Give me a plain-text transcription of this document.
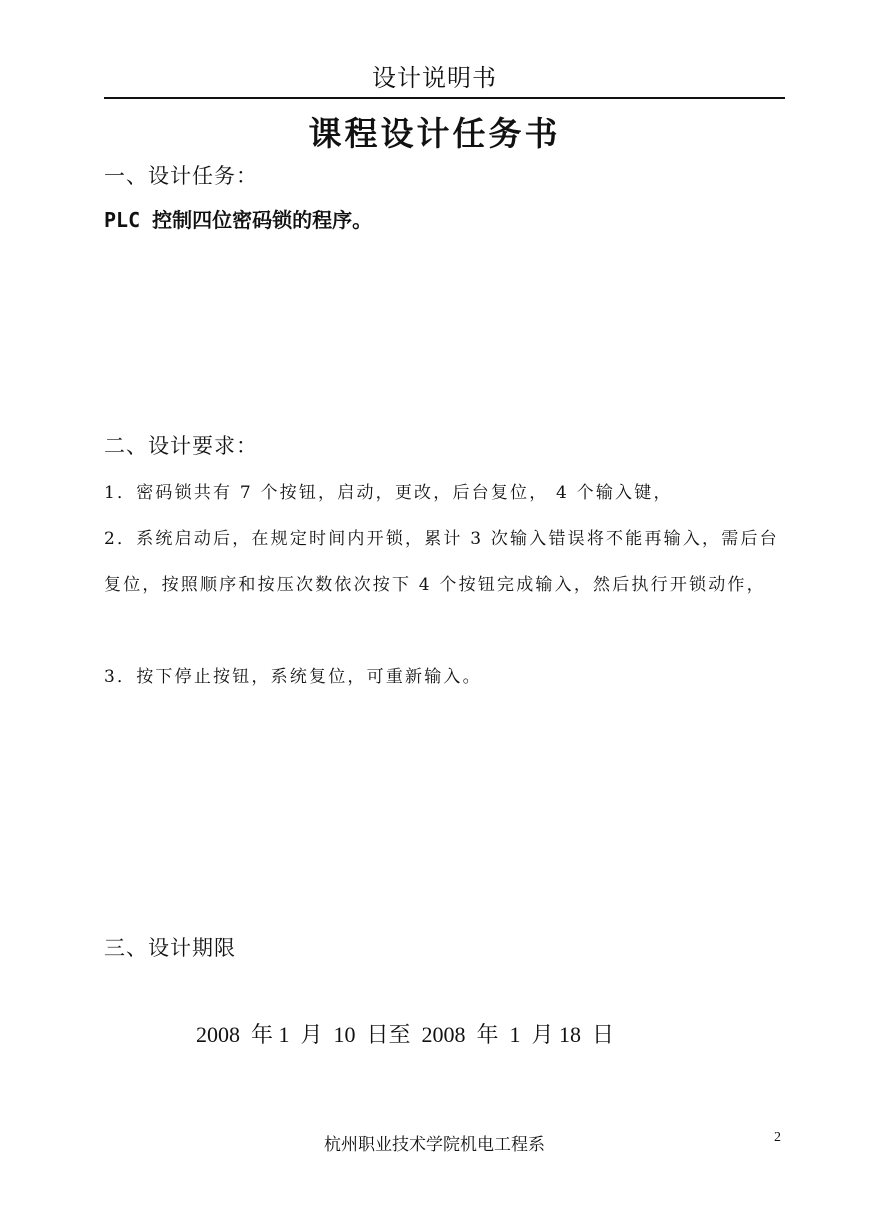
设计说明书
课程设计任务书
一、设计任务：
PLC 控制四位密码锁的程序。
二、设计要求：
1．密码锁共有 7 个按钮，启动，更改，后台复位， 4 个输入键，
2．系统启动后，在规定时间内开锁，累计 3 次输入错误将不能再输入，需后台复位，按照顺序和按压次数依次按下 4 个按钮完成输入，然后执行开锁动作，
3．按下停止按钮，系统复位，可重新输入。
三、设计期限
2008  年 1  月  10  日至  2008  年  1  月 18  日
杭州职业技术学院机电工程系	2
